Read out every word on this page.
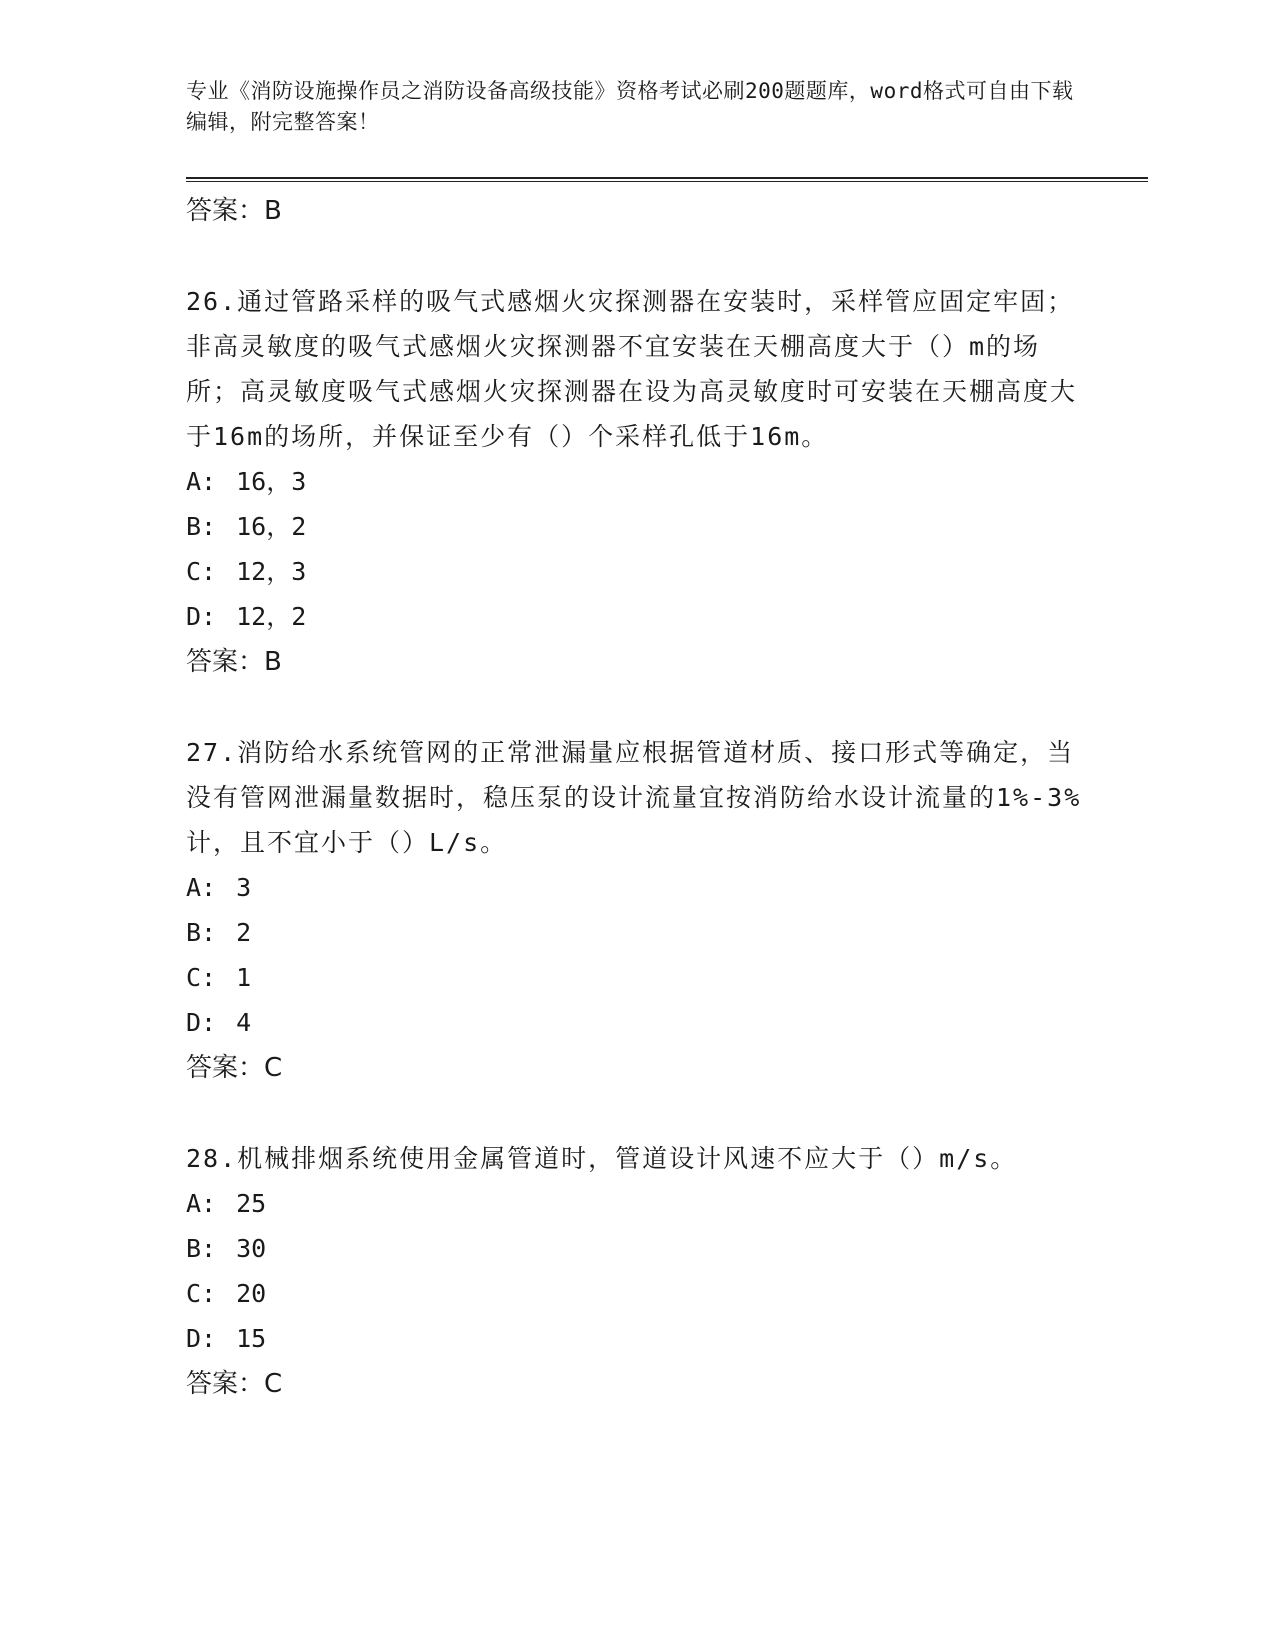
专业《消防设施操作员之消防设备高级技能》资格考试必刷200题题库，word格式可自由下载编辑，附完整答案！

答案：B

26.通过管路采样的吸气式感烟火灾探测器在安装时，采样管应固定牢固；非高灵敏度的吸气式感烟火灾探测器不宜安装在天棚高度大于（）m的场所；高灵敏度吸气式感烟火灾探测器在设为高灵敏度时可安装在天棚高度大于16m的场所，并保证至少有（）个采样孔低于16m。

A: 16，3
B: 16，2
C: 12，3
D: 12，2

答案：B

27.消防给水系统管网的正常泄漏量应根据管道材质、接口形式等确定，当没有管网泄漏量数据时，稳压泵的设计流量宜按消防给水设计流量的1%-3%计，且不宜小于（）L/s。

A: 3
B: 2
C: 1
D: 4

答案：C

28.机械排烟系统使用金属管道时，管道设计风速不应大于（）m/s。

A: 25
B: 30
C: 20
D: 15

答案：C
